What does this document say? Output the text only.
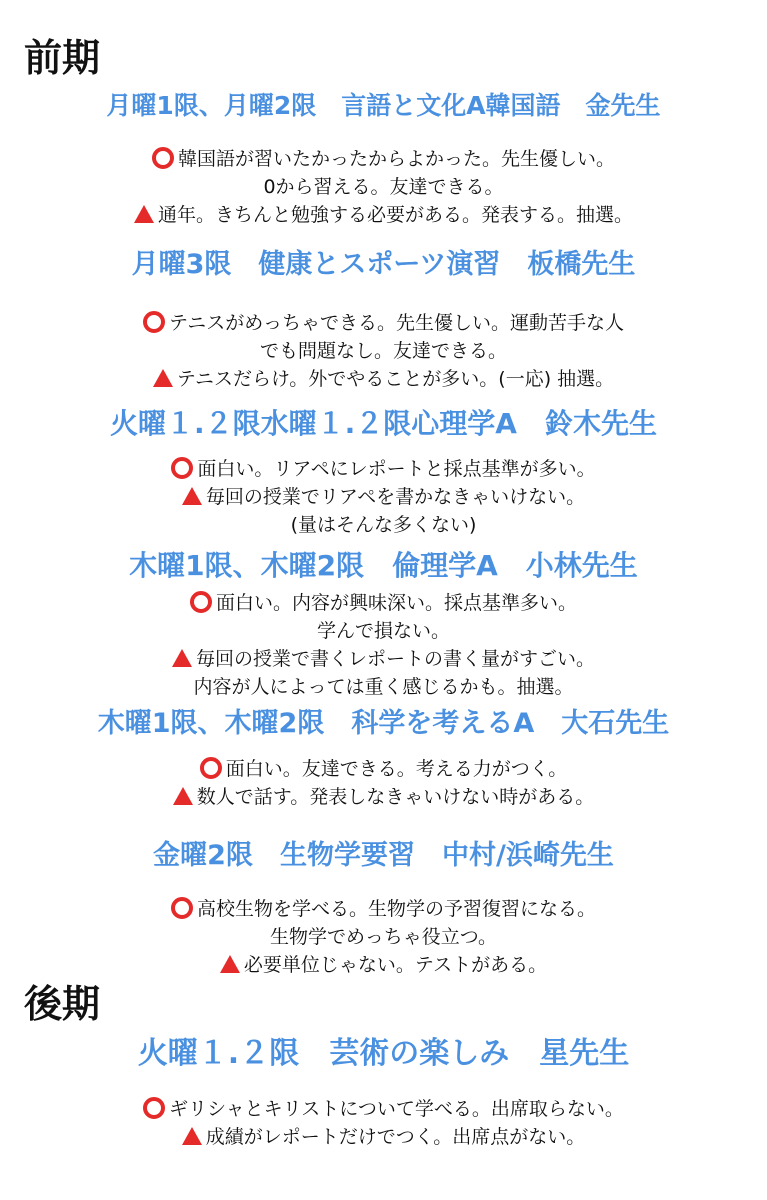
前期
月曜1限、月曜2限　言語と文化A韓国語　金先生

韓国語が習いたかったからよかった。先生優しい。

0から習える。友達できる。

通年。きちんと勉強する必要がある。発表する。抽選。

月曜3限　健康とスポーツ演習　板橋先生

テニスがめっちゃできる。先生優しい。運動苦手な人

でも問題なし。友達できる。

テニスだらけ。外でやることが多い。(一応) 抽選。

火曜１.２限水曜１.２限心理学A　鈴木先生

面白い。リアペにレポートと採点基準が多い。

毎回の授業でリアペを書かなきゃいけない。

(量はそんな多くない)

木曜1限、木曜2限　倫理学A　小林先生

面白い。内容が興味深い。採点基準多い。

学んで損ない。

毎回の授業で書くレポートの書く量がすごい。

内容が人によっては重く感じるかも。抽選。

木曜1限、木曜2限　科学を考えるA　大石先生

面白い。友達できる。考える力がつく。

数人で話す。発表しなきゃいけない時がある。

金曜2限　生物学要習　中村/浜崎先生

高校生物を学べる。生物学の予習復習になる。

生物学でめっちゃ役立つ。

必要単位じゃない。テストがある。

後期
火曜１.２限　芸術の楽しみ　星先生

ギリシャとキリストについて学べる。出席取らない。

成績がレポートだけでつく。出席点がない。
